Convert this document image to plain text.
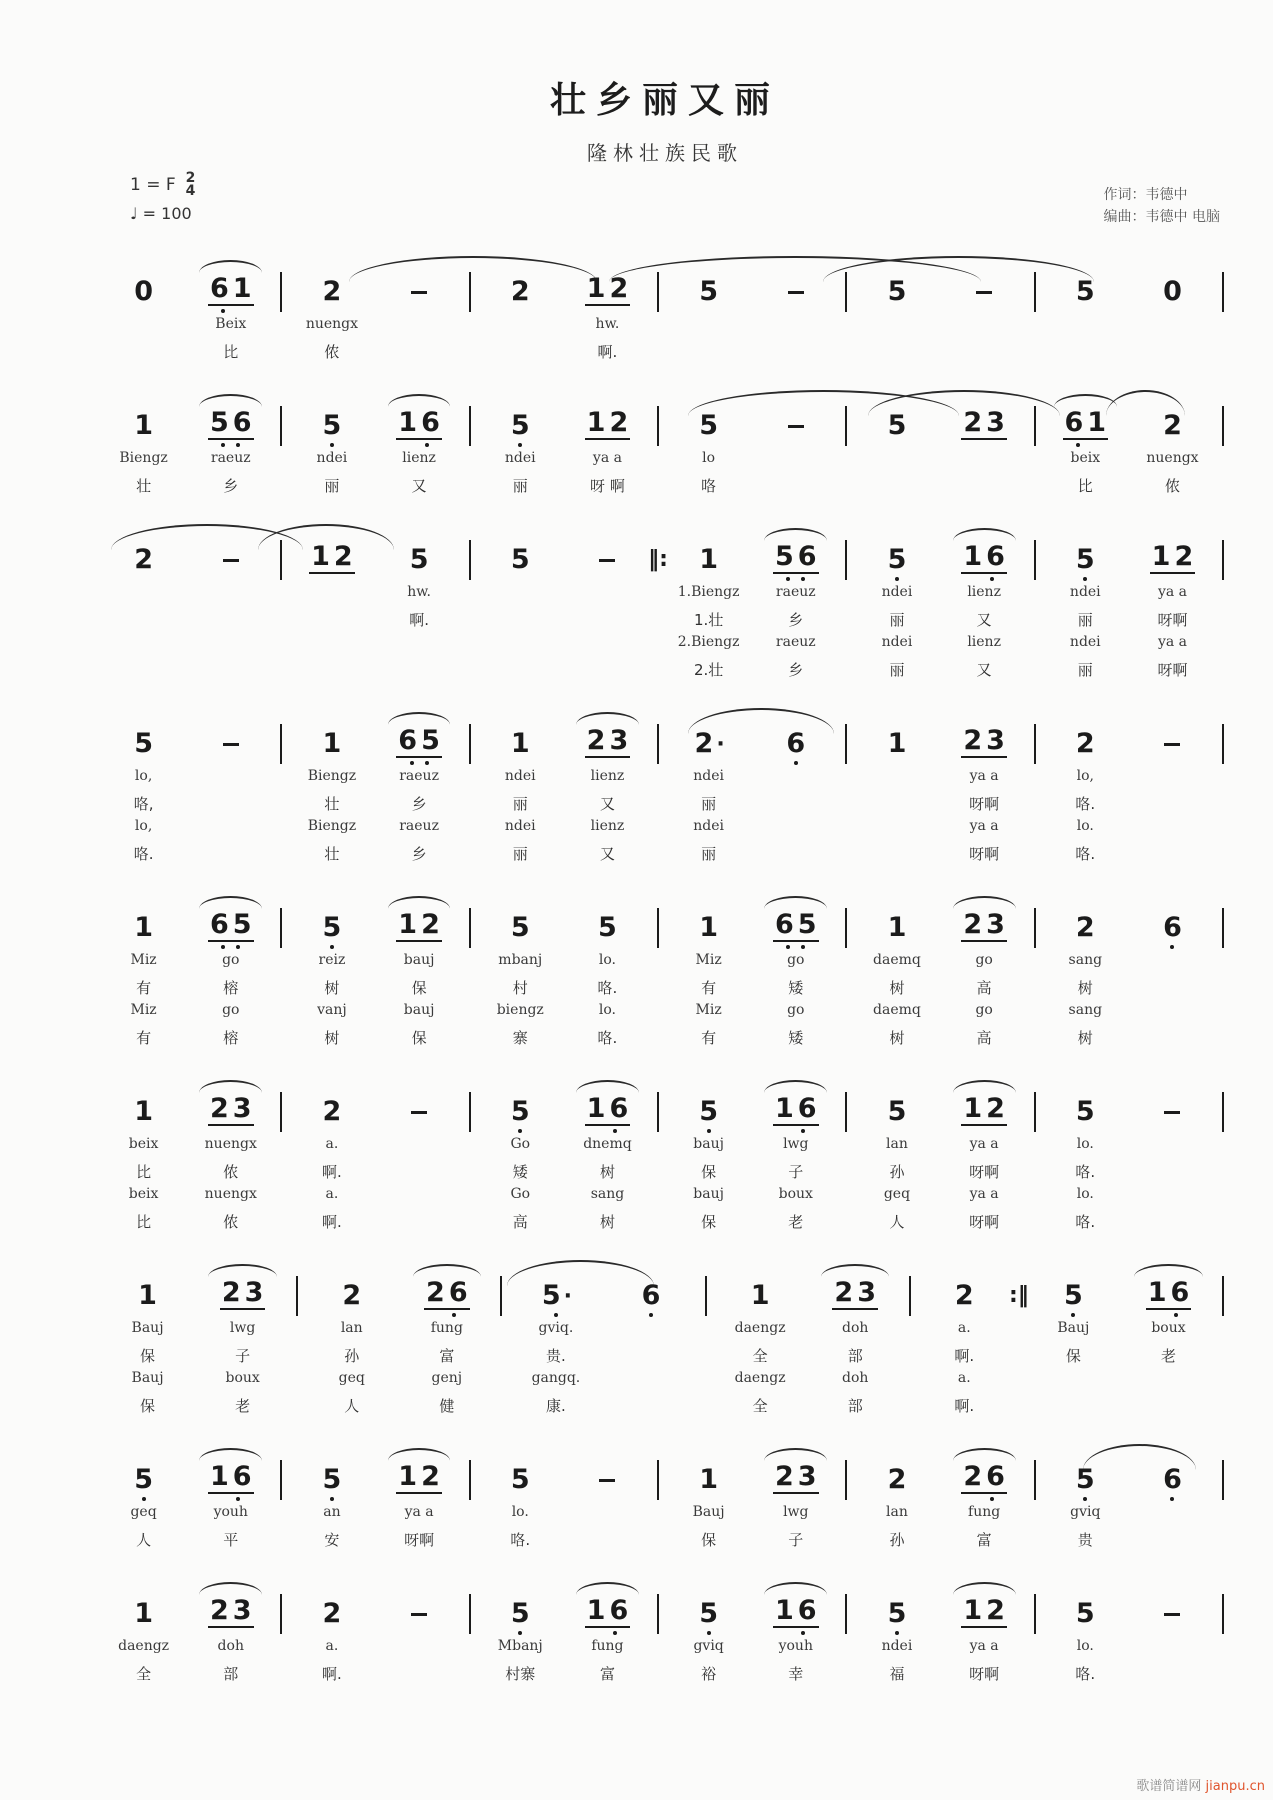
壮乡丽又丽
隆林壮族民歌
1 = F 2
4
♩ = 100
作词：韦德中
编曲：韦德中 电脑
0 6 1
Beix
比
2
nuengx
侬
2 1 2
hw.
啊.
5	5	5	0
1
Biengz
壮
5 6
raeuz
乡
5
ndei
丽
1 6
lienz
又
5
ndei
丽
1 2
ya a
呀 啊
5
lo
咯
5 2 3 6 1
beix
比
2
nuengx
侬
2	1 2 5
hw.
啊.
5	‖: 1
1.Biengz
1.壮
2.Biengz
2.壮
5 6
raeuz
乡
raeuz
乡
5
ndei
丽
ndei
丽
1 6
lienz
又
lienz
又
5
ndei
丽
ndei
丽
1 2
ya a
呀啊
ya a
呀啊
5
lo,
咯,
lo,
咯.
1
Biengz
壮
Biengz
壮
6 5
raeuz
乡
raeuz
乡
1
ndei
丽
ndei
丽
2 3
lienz
又
lienz
又
2 ·
ndei
丽
ndei
丽
6	1 2 3
ya a
呀啊
ya a
呀啊
2
lo,
咯.
lo.
咯.
1
Miz
有
Miz
有
6 5
go
榕
go
榕
5
reiz
树
vanj
树
1 2
bauj
保
bauj
保
5
mbanj
村
biengz
寨
5
lo.
咯.
lo.
咯.
1
Miz
有
Miz
有
6 5
go
矮
go
矮
1
daemq
树
daemq
树
2 3
go
高
go
高
2
sang
树
sang
树
6
1
beix
比
beix
比
2 3
nuengx
侬
nuengx
侬
2
a.
啊.
a.
啊.
5
Go
矮
Go
高
1 6
dnemq
树
sang
树
5
bauj
保
bauj
保
1 6
lwg
子
boux
老
5
lan
孙
geq
人
1 2
ya a
呀啊
ya a
呀啊
5
lo.
咯.
lo.
咯.
1
Bauj
保
Bauj
保
2 3
lwg
子
boux
老
2
lan
孙
geq
人
2 6
fung
富
genj
健
5 ·
gviq.
贵.
gangq.
康.
6	1
daengz
全
daengz
全
2 3
doh
部
doh
部
2
a.
啊.
a.
啊.
:‖ 5
Bauj
保
1 6
boux
老
5
geq
人
1 6
youh
平
5
an
安
1 2
ya a
呀啊
5
lo.
咯.
1
Bauj
保
2 3
lwg
子
2
lan
孙
2 6
fung
富
5
gviq
贵
6
1
daengz
全
2 3
doh
部
2
a.
啊.
5
Mbanj
村寨
1 6
fung
富
5
gviq
裕
1 6
youh
幸
5
ndei
福
1 2
ya a
呀啊
5
lo.
咯.
歌谱简谱网 jianpu.cn
